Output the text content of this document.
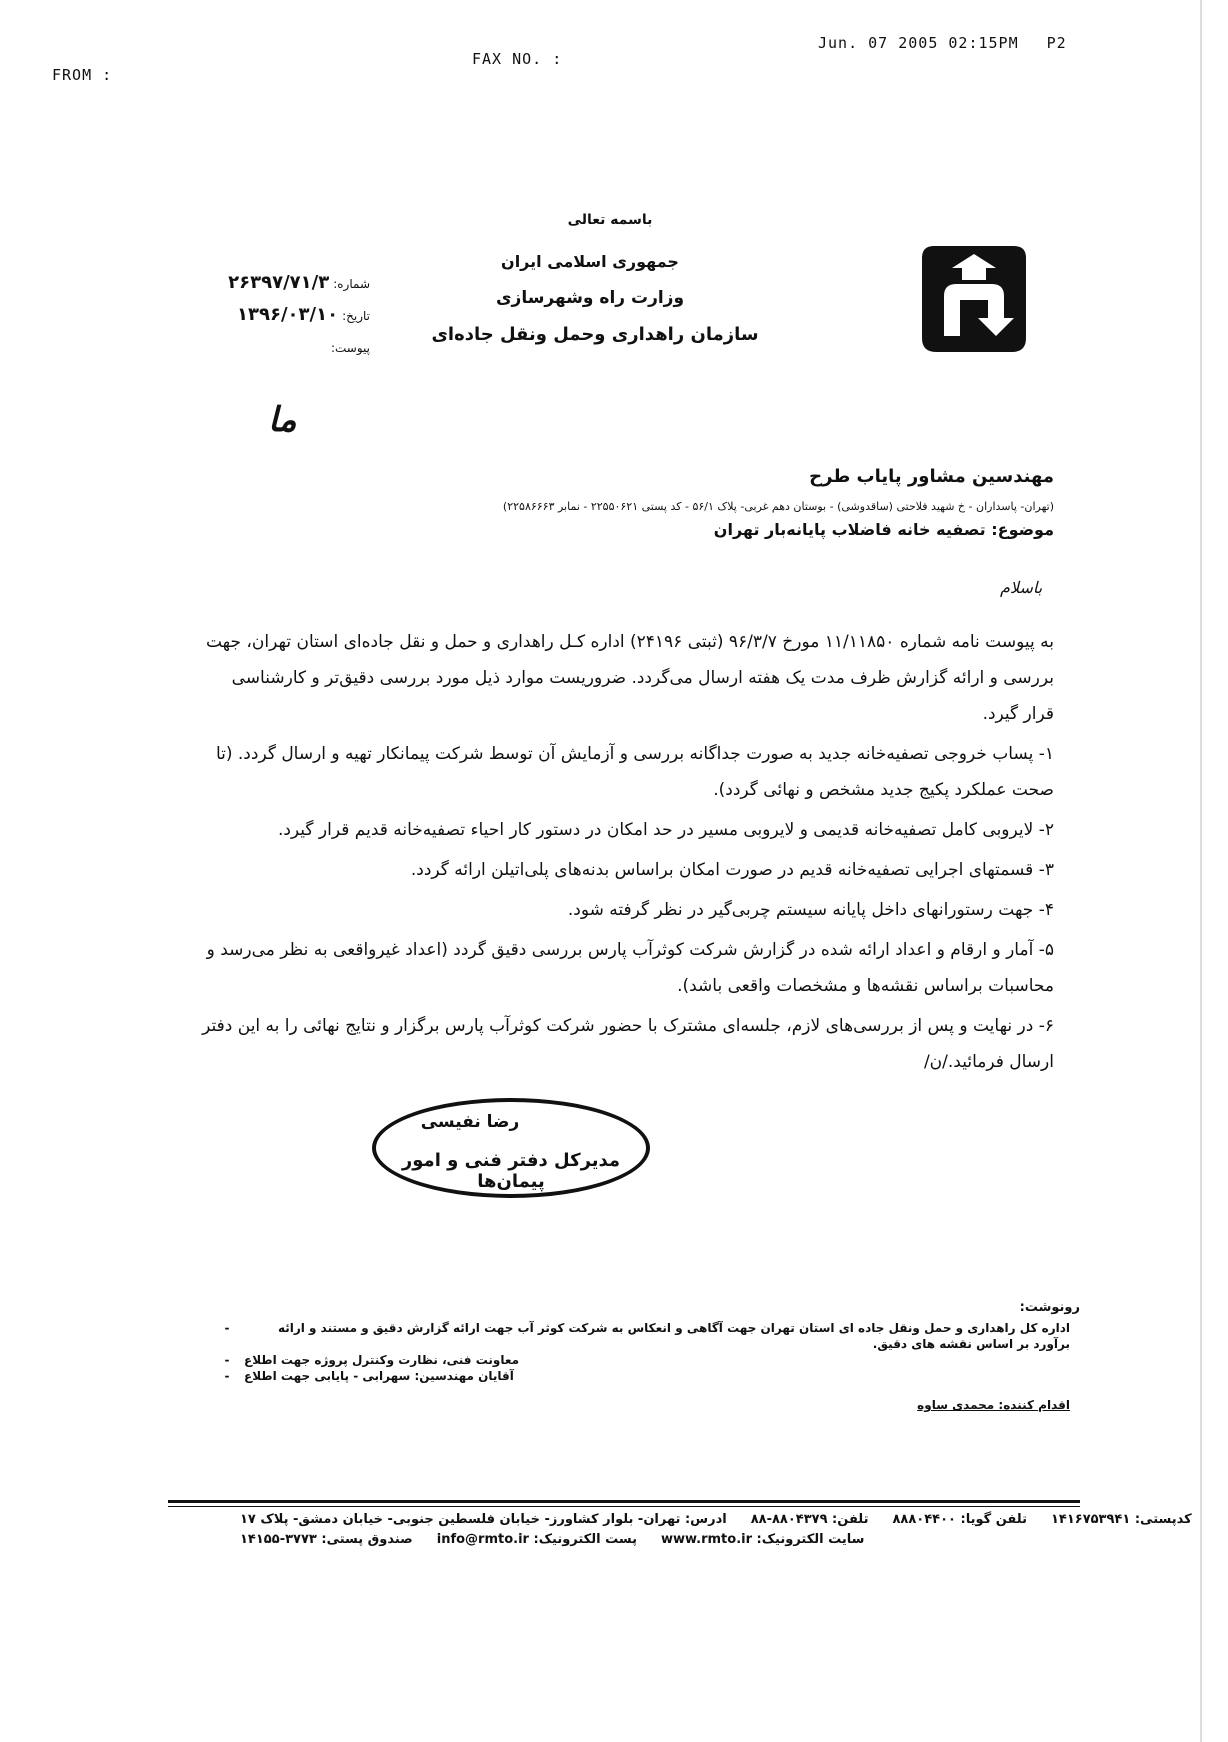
FROM :
FAX NO. :
Jun. 07 2005 02:15PM P2
باسمه تعالی
جمهوری اسلامی ایران
وزارت راه وشهرسازی
سازمان راهداری وحمل ونقل جاده‌ای
شماره:۲۶۳۹۷/۷۱/۳
تاریخ:۱۳۹۶/۰۳/۱۰
پیوست:
ما
مهندسین مشاور پایاب طرح
(تهران- پاسداران - خ شهید فلاحتی (ساقدوشی) - بوستان دهم غربی- پلاک ۵۶/۱ - کد پستی ۲۲۵۵۰۶۲۱ - نمابر ۲۲۵۸۶۶۶۳)
موضوع: تصفیه خانه فاضلاب پایانه‌بار تهران
باسلام

به پیوست نامه شماره ۱۱/۱۱۸۵۰ مورخ ۹۶/۳/۷ (ثبتی ۲۴۱۹۶) اداره کـل راهداری و حمل و نقل جاده‌ای استان تهران، جهت بررسی و ارائه گزارش ظرف مدت یک هفته ارسال می‌گردد. ضروریست موارد ذیل مورد بررسی دقیق‌تر و کارشناسی قرار گیرد.

۱- پساب خروجی تصفیه‌خانه جدید به صورت جداگانه بررسی و آزمایش آن توسط شرکت پیمانکار تهیه و ارسال گردد. (تا صحت عملکرد پکیج جدید مشخص و نهائی گردد).

۲- لایروبی کامل تصفیه‌خانه قدیمی و لایروبی مسیر در حد امکان در دستور کار احیاء تصفیه‌خانه قدیم قرار گیرد.

۳- قسمتهای اجرایی تصفیه‌خانه قدیم در صورت امکان براساس بدنه‌های پلی‌اتیلن ارائه گردد.

۴- جهت رستورانهای داخل پایانه سیستم چربی‌گیر در نظر گرفته شود.

۵- آمار و ارقام و اعداد ارائه شده در گزارش شرکت کوثرآب پارس بررسی دقیق گردد (اعداد غیرواقعی به نظر می‌رسد و محاسبات براساس نقشه‌ها و مشخصات واقعی باشد).

۶- در نهایت و پس از بررسی‌های لازم، جلسه‌ای مشترک با حضور شرکت کوثرآب پارس برگزار و نتایج نهائی را به این دفتر ارسال فرمائید./ن/

رضا نفیسی
مدیرکل دفتر فنی و امور پیمان‌ها
رونوشت:
-	اداره کل راهداری و حمل ونقل جاده ای استان تهران جهت آگاهی و انعکاس به شرکت کوثر آب جهت ارائه گزارش دقیق و مستند و ارائه برآورد بر اساس نقشه های دقیق.
-	معاونت فنی، نظارت وکنترل پروژه جهت اطلاع
-	آقایان مهندسین: سهرابی - پایابی جهت اطلاع
اقدام کننده: محمدی ساوه
ادرس: تهران- بلوار کشاورز- خیابان فلسطین جنوبی- خیابان دمشق- پلاک ۱۷ تلفن: ۸۸۰۴۳۷۹-۸۸ تلفن گویا: ۸۸۸۰۴۴۰۰ کدپستی: ۱۴۱۶۷۵۳۹۴۱
صندوق پستی: ۳۷۷۳-۱۴۱۵۵	پست الکترونیک: info@rmto.ir	سایت الکترونیک: www.rmto.ir
